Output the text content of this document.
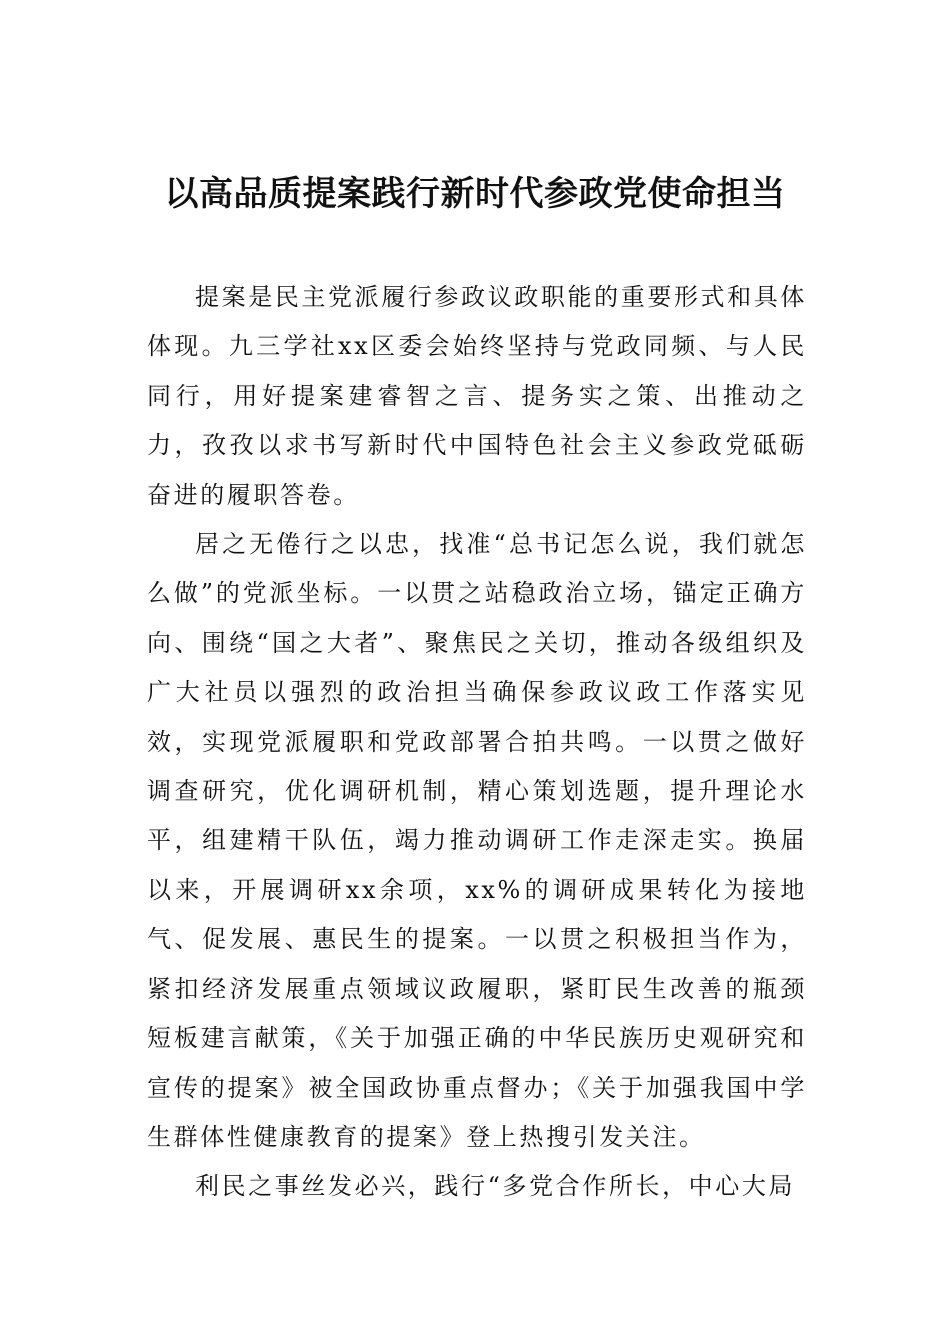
以高品质提案践行新时代参政党使命担当

提案是民主党派履行参政议政职能的重要形式和具体体现。九三学社xx区委会始终坚持与党政同频、与人民同行，用好提案建睿智之言、提务实之策、出推动之力，孜孜以求书写新时代中国特色社会主义参政党砥砺奋进的履职答卷。

居之无倦行之以忠，找准“总书记怎么说，我们就怎么做”的党派坐标。一以贯之站稳政治立场，锚定正确方向、围绕“国之大者”、聚焦民之关切，推动各级组织及广大社员以强烈的政治担当确保参政议政工作落实见效，实现党派履职和党政部署合拍共鸣。一以贯之做好调查研究，优化调研机制，精心策划选题，提升理论水平，组建精干队伍，竭力推动调研工作走深走实。换届以来，开展调研xx余项，xx%的调研成果转化为接地气、促发展、惠民生的提案。一以贯之积极担当作为，紧扣经济发展重点领域议政履职，紧盯民生改善的瓶颈短板建言献策，《关于加强正确的中华民族历史观研究和宣传的提案》被全国政协重点督办；《关于加强我国中学生群体性健康教育的提案》登上热搜引发关注。

利民之事丝发必兴，践行“多党合作所长，中心大局
